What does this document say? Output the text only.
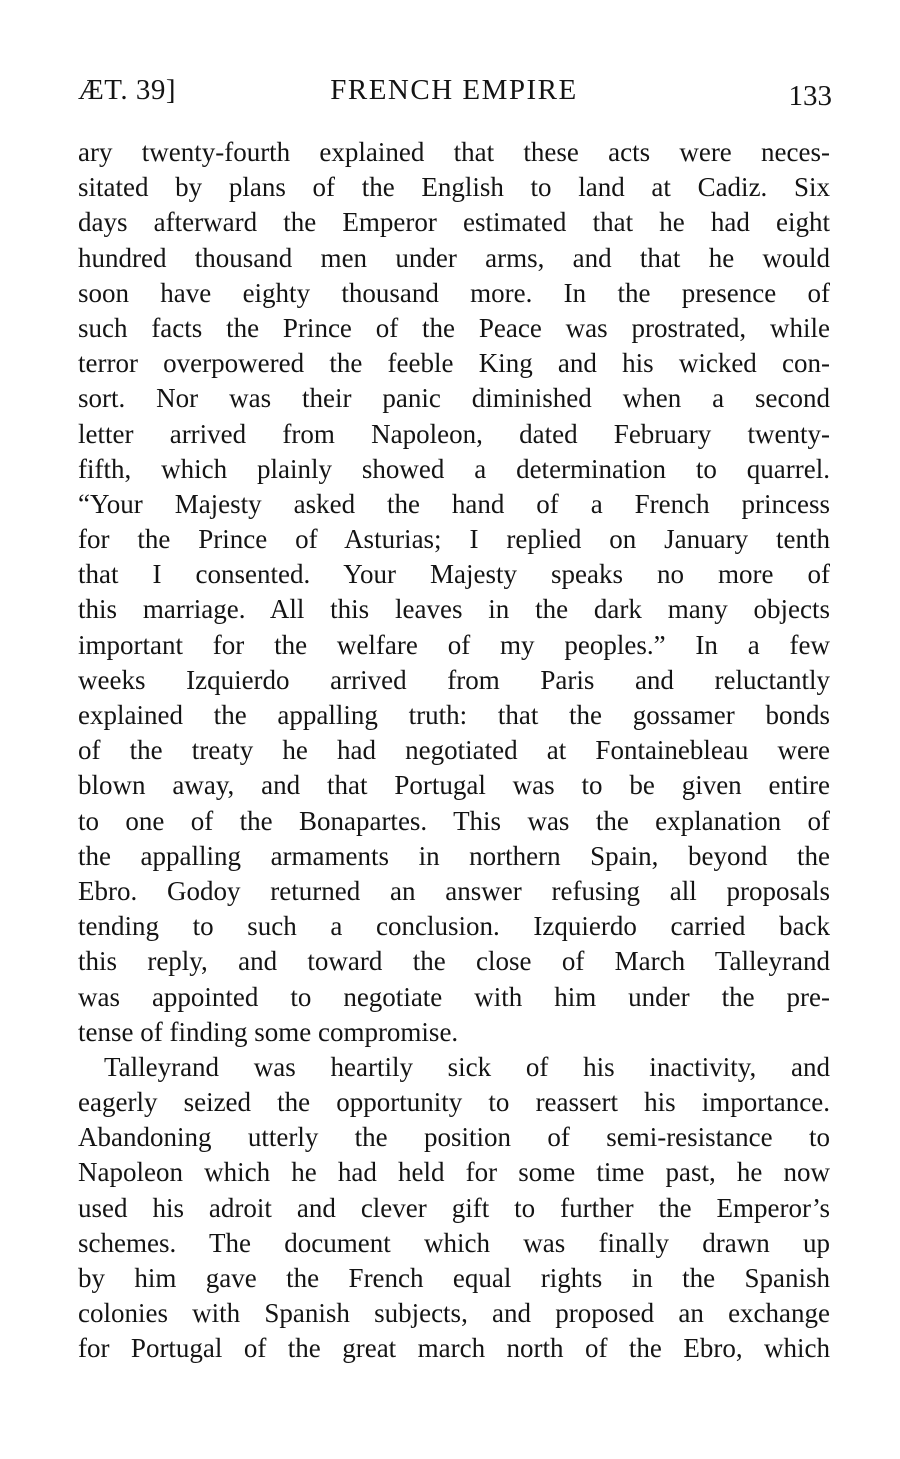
ÆT. 39]	FRENCH EMPIRE	133
ary twenty-fourth explained that these acts were neces-
sitated by plans of the English to land at Cadiz. Six
days afterward the Emperor estimated that he had eight
hundred thousand men under arms, and that he would
soon have eighty thousand more. In the presence of
such facts the Prince of the Peace was prostrated, while
terror overpowered the feeble King and his wicked con-
sort. Nor was their panic diminished when a second
letter arrived from Napoleon, dated February twenty-
fifth, which plainly showed a determination to quarrel.
“Your Majesty asked the hand of a French princess
for the Prince of Asturias; I replied on January tenth
that I consented. Your Majesty speaks no more of
this marriage. All this leaves in the dark many objects
important for the welfare of my peoples.” In a few
weeks Izquierdo arrived from Paris and reluctantly
explained the appalling truth: that the gossamer bonds
of the treaty he had negotiated at Fontainebleau were
blown away, and that Portugal was to be given entire
to one of the Bonapartes. This was the explanation of
the appalling armaments in northern Spain, beyond the
Ebro. Godoy returned an answer refusing all proposals
tending to such a conclusion. Izquierdo carried back
this reply, and toward the close of March Talleyrand
was appointed to negotiate with him under the pre-
tense of finding some compromise.
Talleyrand was heartily sick of his inactivity, and
eagerly seized the opportunity to reassert his importance.
Abandoning utterly the position of semi-resistance to
Napoleon which he had held for some time past, he now
used his adroit and clever gift to further the Emperor’s
schemes. The document which was finally drawn up
by him gave the French equal rights in the Spanish
colonies with Spanish subjects, and proposed an exchange
for Portugal of the great march north of the Ebro, which
